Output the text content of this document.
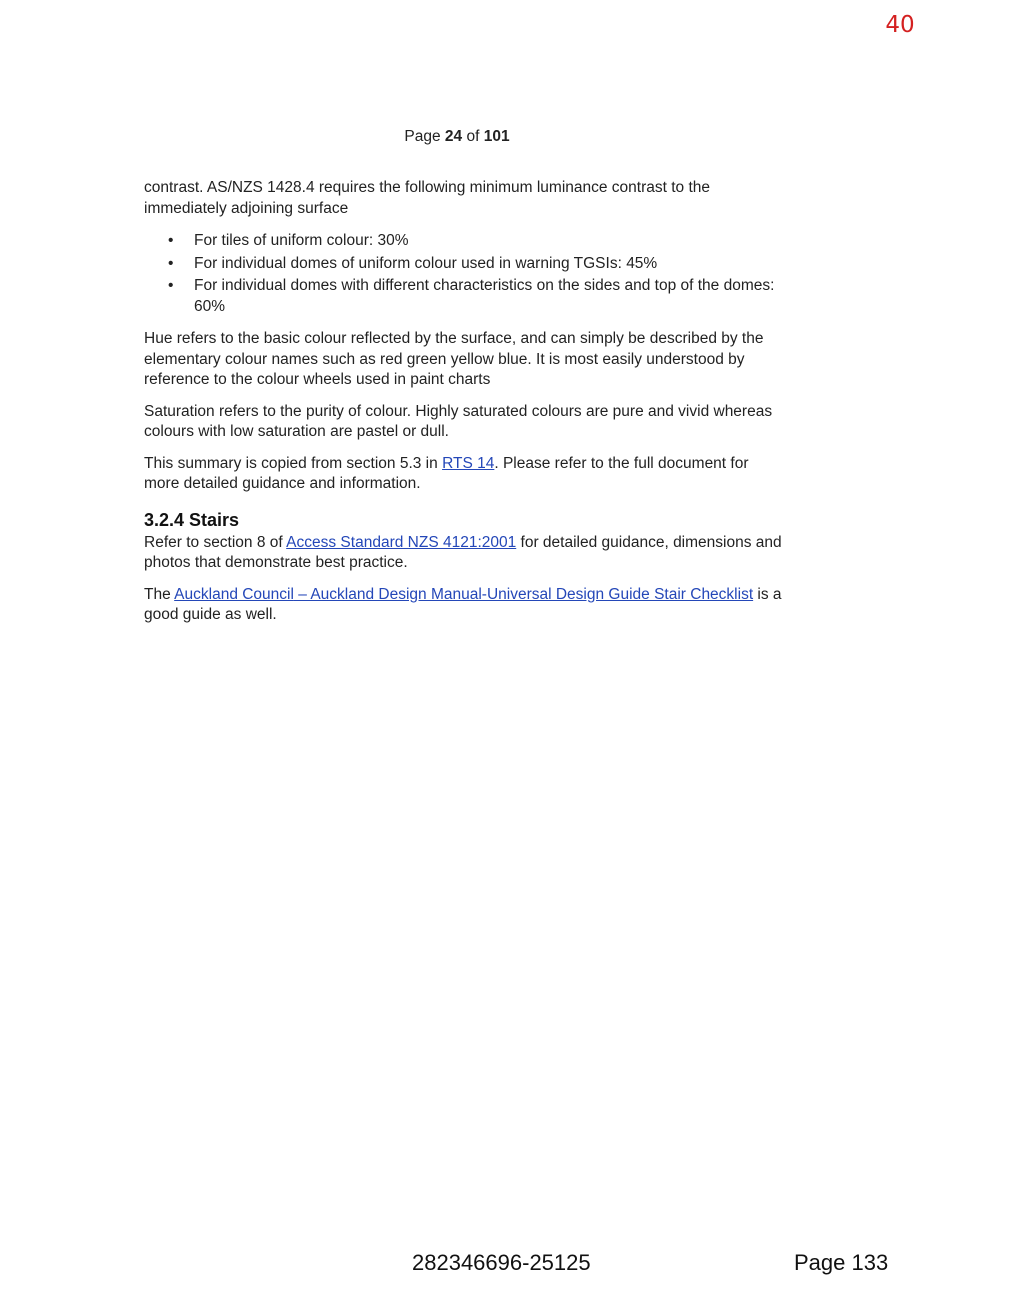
40
Page 24 of 101

contrast. AS/NZS 1428.4 requires the following minimum luminance contrast to the immediately adjoining surface

• For tiles of uniform colour: 30%
• For individual domes of uniform colour used in warning TGSIs: 45%
• For individual domes with different characteristics on the sides and top of the domes: 60%

Hue refers to the basic colour reflected by the surface, and can simply be described by the elementary colour names such as red green yellow blue. It is most easily understood by reference to the colour wheels used in paint charts

Saturation refers to the purity of colour. Highly saturated colours are pure and vivid whereas colours with low saturation are pastel or dull.

This summary is copied from section 5.3 in RTS 14. Please refer to the full document for more detailed guidance and information.

3.2.4 Stairs

Refer to section 8 of Access Standard NZS 4121:2001 for detailed guidance, dimensions and photos that demonstrate best practice.

The Auckland Council – Auckland Design Manual-Universal Design Guide Stair Checklist is a good guide as well.

282346696-25125	Page 133
